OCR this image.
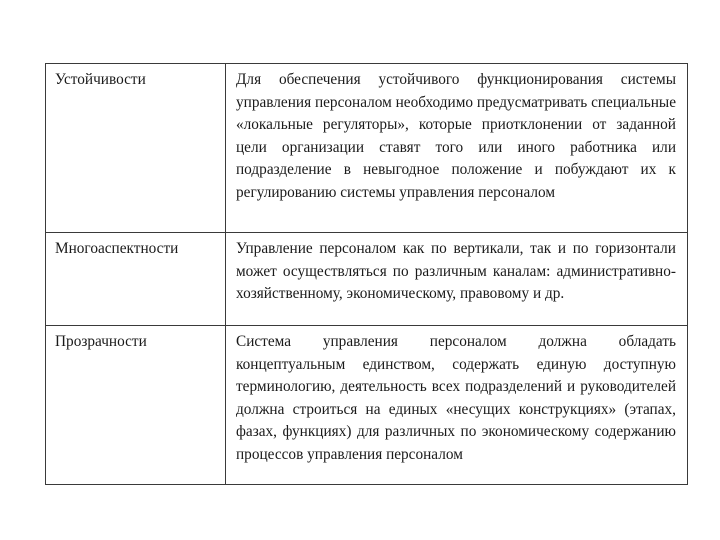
Устойчивости	Для обеспечения устойчивого функционирования системы управления персоналом необходимо предусматривать специальные «локальные регуляторы», которые приотклонении от заданной цели организации ставят того или иного работника или подразделение в невыгодное положение и побуждают их к регулированию системы управления персоналом
Многоаспектности	Управление персоналом как по вертикали, так и по горизонтали может осуществляться по различным каналам: административно-хозяйственному, экономическому, правовому и др.
Прозрачности	Система управления персоналом должна обладать концептуальным единством, содержать единую доступную терминологию, деятельность всех подразделений и руководителей должна строиться на единых «несущих конструкциях» (этапах, фазах, функциях) для различных по экономическому содержанию процессов управления персоналом
